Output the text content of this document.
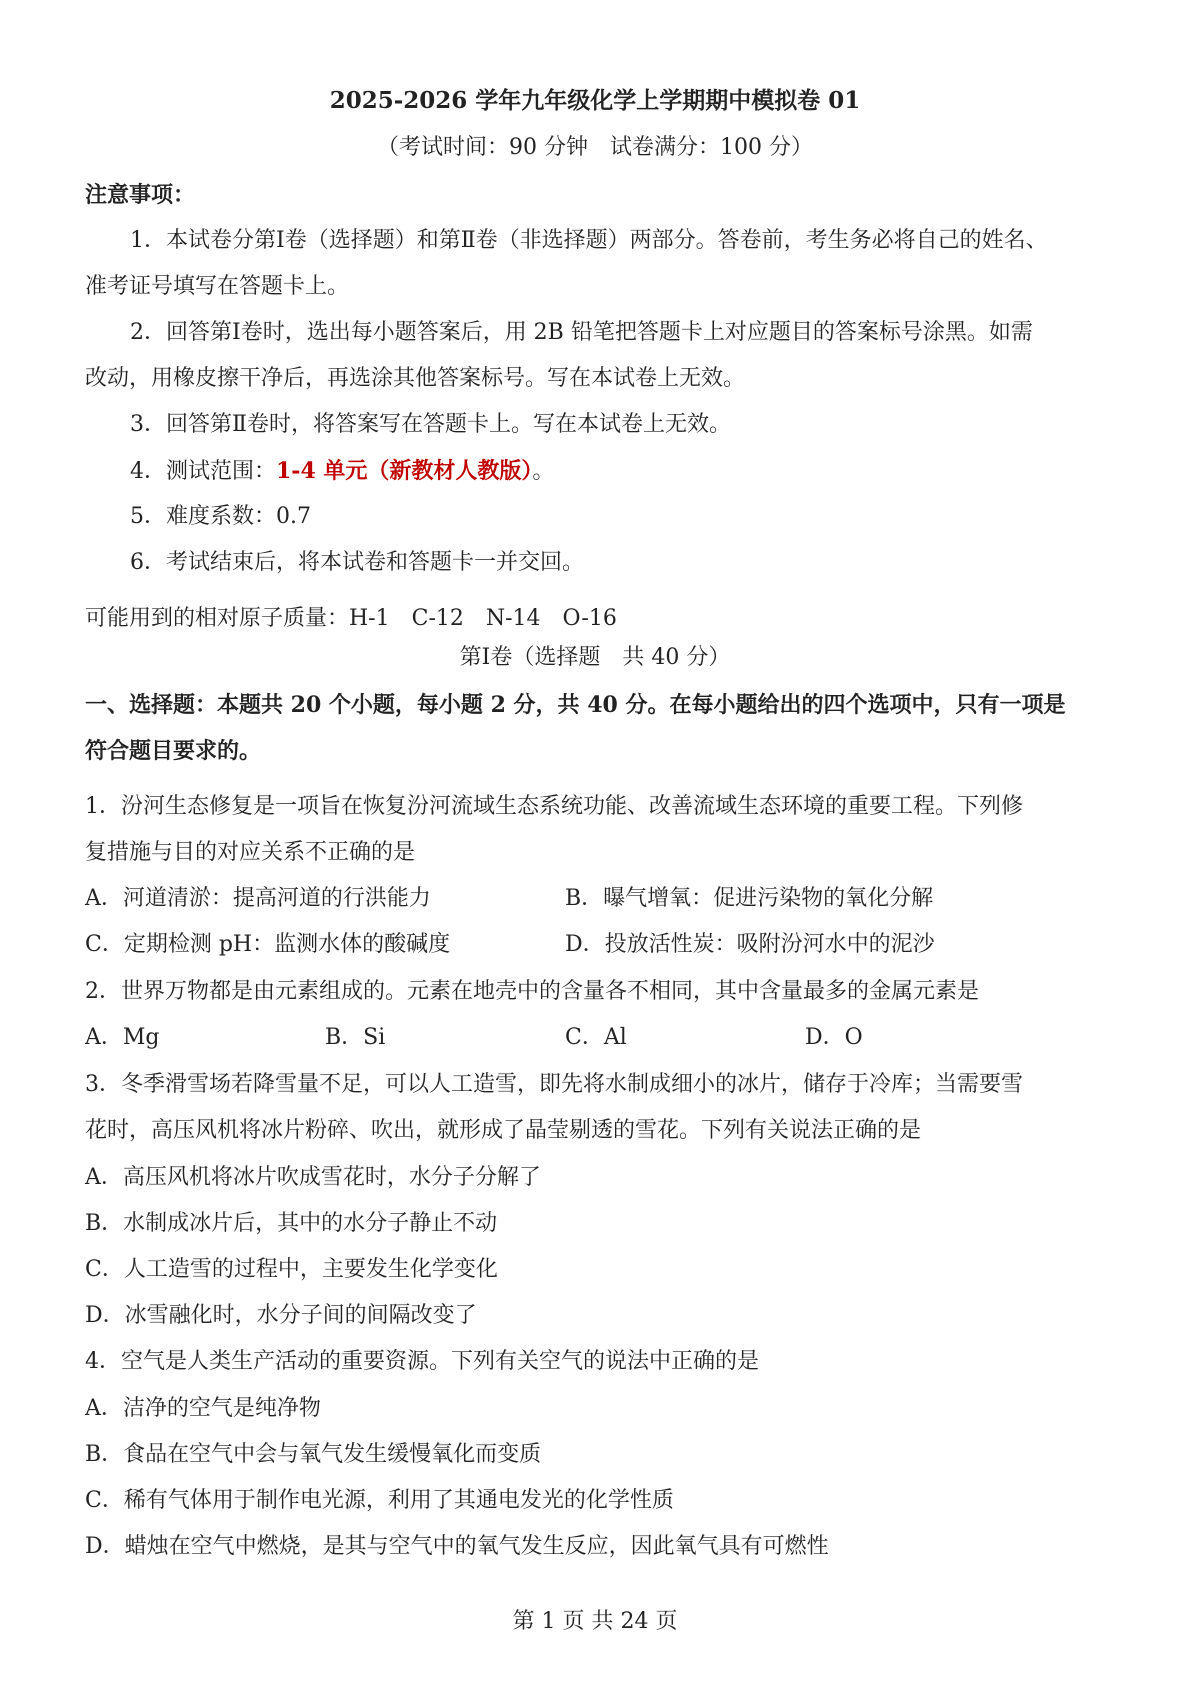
2025-2026 学年九年级化学上学期期中模拟卷 01
（考试时间：90 分钟　试卷满分：100 分）
注意事项：
1．本试卷分第Ⅰ卷（选择题）和第Ⅱ卷（非选择题）两部分。答卷前，考生务必将自己的姓名、
准考证号填写在答题卡上。
2．回答第Ⅰ卷时，选出每小题答案后，用 2B 铅笔把答题卡上对应题目的答案标号涂黑。如需
改动，用橡皮擦干净后，再选涂其他答案标号。写在本试卷上无效。
3．回答第Ⅱ卷时，将答案写在答题卡上。写在本试卷上无效。
4．测试范围：1-4 单元（新教材人教版）。
5．难度系数：0.7
6．考试结束后，将本试卷和答题卡一并交回。
可能用到的相对原子质量：H-1　C-12　N-14　O-16
第Ⅰ卷（选择题　共 40 分）
一、选择题：本题共 20 个小题，每小题 2 分，共 40 分。在每小题给出的四个选项中，只有一项是
符合题目要求的。
1．汾河生态修复是一项旨在恢复汾河流域生态系统功能、改善流域生态环境的重要工程。下列修
复措施与目的对应关系不正确的是
A．河道清淤：提高河道的行洪能力	B．曝气增氧：促进污染物的氧化分解
C．定期检测 pH：监测水体的酸碱度	D．投放活性炭：吸附汾河水中的泥沙
2．世界万物都是由元素组成的。元素在地壳中的含量各不相同，其中含量最多的金属元素是
A．Mg	B．Si	C．Al	D．O
3．冬季滑雪场若降雪量不足，可以人工造雪，即先将水制成细小的冰片，储存于冷库；当需要雪
花时，高压风机将冰片粉碎、吹出，就形成了晶莹剔透的雪花。下列有关说法正确的是
A．高压风机将冰片吹成雪花时，水分子分解了
B．水制成冰片后，其中的水分子静止不动
C．人工造雪的过程中，主要发生化学变化
D．冰雪融化时，水分子间的间隔改变了
4．空气是人类生产活动的重要资源。下列有关空气的说法中正确的是
A．洁净的空气是纯净物
B．食品在空气中会与氧气发生缓慢氧化而变质
C．稀有气体用于制作电光源，利用了其通电发光的化学性质
D．蜡烛在空气中燃烧，是其与空气中的氧气发生反应，因此氧气具有可燃性
第 1 页 共 24 页
